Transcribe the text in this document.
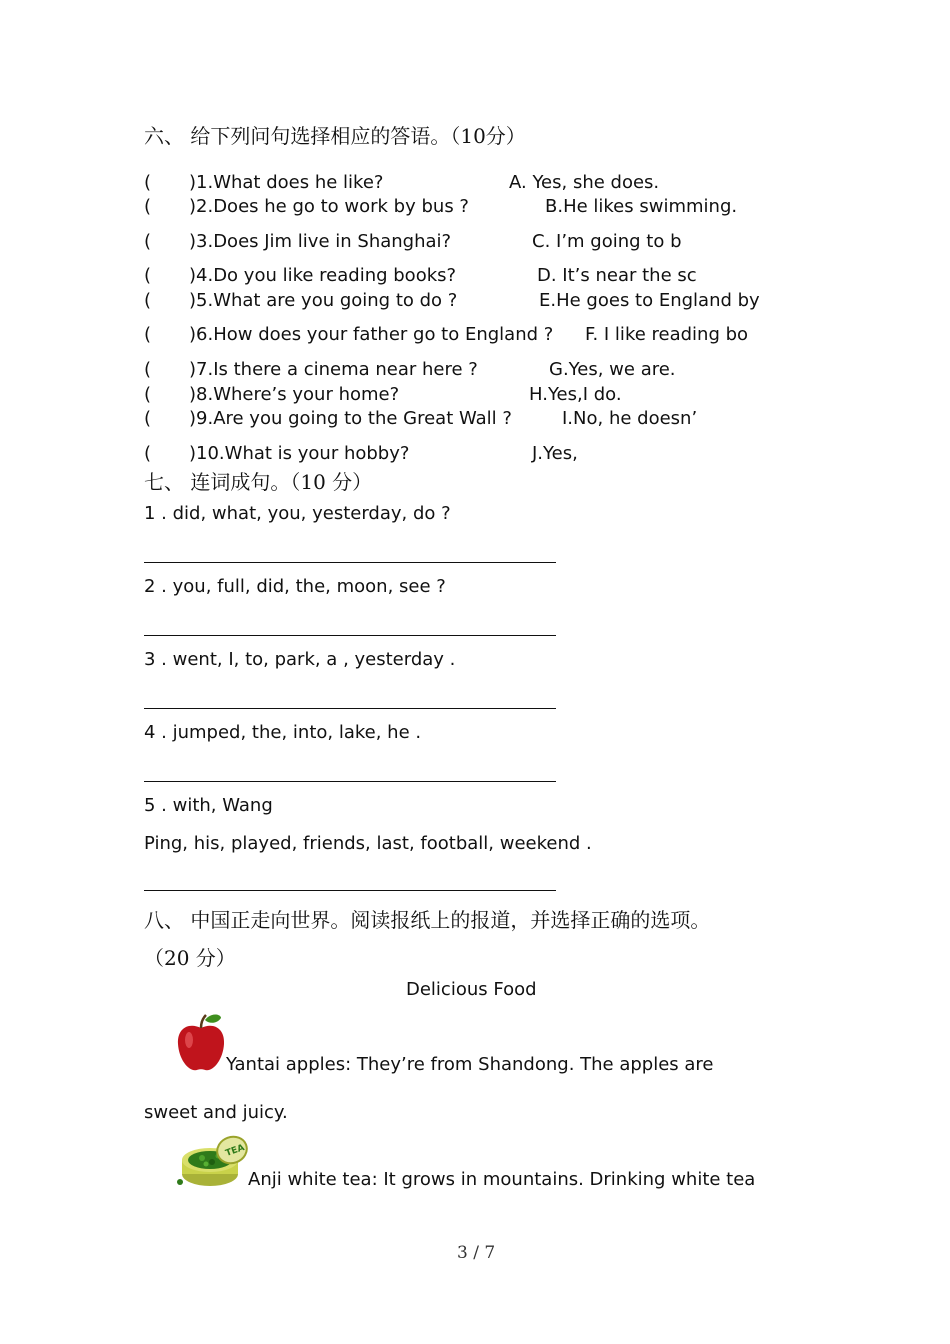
六、 给下列问句选择相应的答语。（10分）
( )1.What does he like?	A. Yes, she does.
( )2.Does he go to work by bus ?	B.He likes swimming.
( )3.Does Jim live in Shanghai?	C. I’m going to b
( )4.Do you like reading books?	D. It’s near the sc
( )5.What are you going to do ?	E.He goes to England by
( )6.How does your father go to England ? F. I like reading bo
( )7.Is there a cinema near here ?	G.Yes, we are.
( )8.Where’s your home?	H.Yes,I do.
( )9.Are you going to the Great Wall ?	I.No, he doesn’
( )10.What is your hobby?	J.Yes,
七、 连词成句。（10 分）
1 . did, what, you, yesterday, do ?
2 . you, full, did, the, moon, see ?
3 . went, I, to, park, a , yesterday .
4 . jumped, the, into, lake, he .
5 . with, Wang
Ping, his, played, friends, last, football, weekend .
八、 中国正走向世界。阅读报纸上的报道，并选择正确的选项。
（20 分）
Delicious Food
Yantai apples: They’re from Shandong. The apples are
sweet and juicy.
TEA
Anji white tea: It grows in mountains. Drinking white tea
3 / 7
